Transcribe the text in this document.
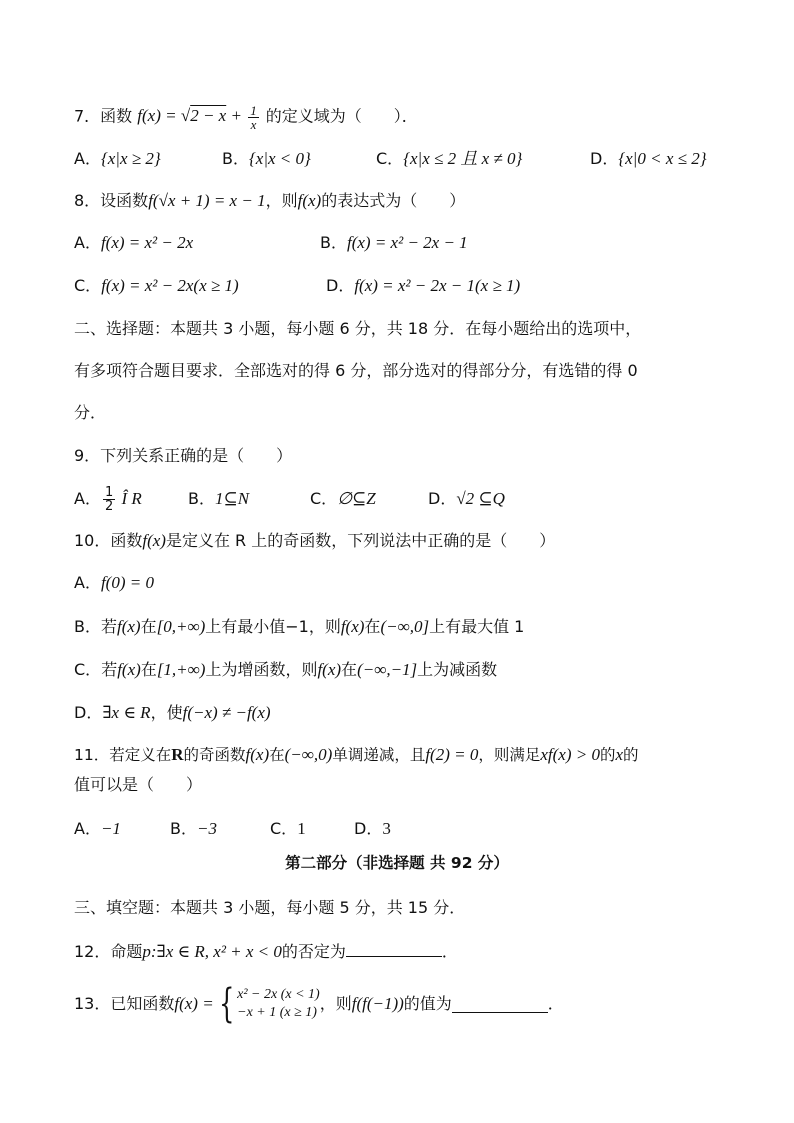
7．函数 $f(x) = √2 - x + \frac{1}{x}$ 的定义域为（　　）．
A．{x|x ≥ 2}	B．{x|x < 0}	C．{x|x ≤ 2 且 x ≠ 0}	D．{x|0 < x ≤ 2}
8．设函数f(√x + 1) = x − 1，则f(x)的表达式为（　　）
A．f(x) = x² − 2x	B．f(x) = x² − 2x − 1
C．f(x) = x² − 2x(x ≥ 1)	D．f(x) = x² − 2x − 1(x ≥ 1)
二、选择题：本题共 3 小题，每小题 6 分，共 18 分．在每小题给出的选项中，
有多项符合题目要求．全部选对的得 6 分，部分选对的得部分分，有选错的得 0
分．
9．下列关系正确的是（　　）
A． $\frac{1}{2}$ Î R	B．1⊆N	C．∅⊆Z	D．√2 ⊆Q
10．函数f(x)是定义在 R 上的奇函数，下列说法中正确的是（　　）
A．f(0) = 0
B．若f(x)在[0,+∞)上有最小值−1，则f(x)在(−∞,0]上有最大值 1
C．若f(x)在[1,+∞)上为增函数，则f(x)在(−∞,−1]上为减函数
D．∃x ∈ R，使f(−x) ≠ −f(x)
11．若定义在R的奇函数f(x)在(−∞,0)单调递减，且f(2) = 0，则满足xf(x) > 0的x的
值可以是（　　）
A．−1	B．−3	C．1	D．3
第二部分（非选择题 共 92 分）
三、填空题：本题共 3 小题，每小题 5 分，共 15 分．
12．命题p:∃x ∈ R, x² + x < 0的否定为	．
13．已知函数 f(x) = { x² − 2x (x < 1)
−x + 1 (x ≥ 1) ，则 f(f(−1)) 的值为	．
